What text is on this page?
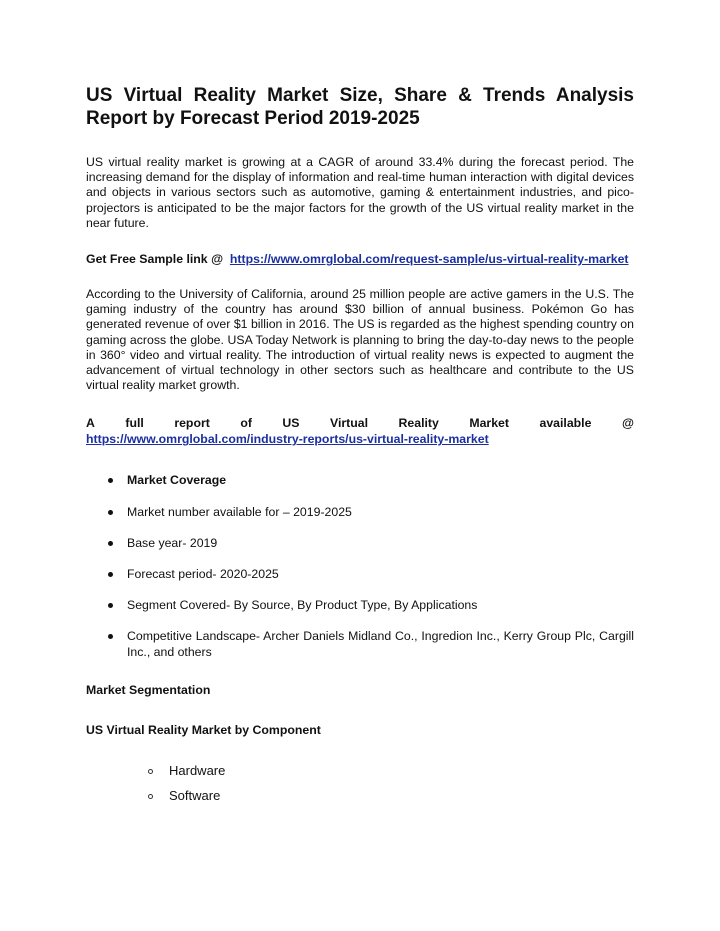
US Virtual Reality Market Size, Share & Trends Analysis Report by Forecast Period 2019-2025

US virtual reality market is growing at a CAGR of around 33.4% during the forecast period. The increasing demand for the display of information and real-time human interaction with digital devices and objects in various sectors such as automotive, gaming & entertainment industries, and pico-projectors is anticipated to be the major factors for the growth of the US virtual reality market in the near future.

Get Free Sample link @ https://www.omrglobal.com/request-sample/us-virtual-reality-market

According to the University of California, around 25 million people are active gamers in the U.S. The gaming industry of the country has around $30 billion of annual business. Pokémon Go has generated revenue of over $1 billion in 2016. The US is regarded as the highest spending country on gaming across the globe. USA Today Network is planning to bring the day-to-day news to the people in 360° video and virtual reality. The introduction of virtual reality news is expected to augment the advancement of virtual technology in other sectors such as healthcare and contribute to the US virtual reality market growth.

A full report of US Virtual Reality Market available @

https://www.omrglobal.com/industry-reports/us-virtual-reality-market

Market Coverage
Market number available for – 2019-2025
Base year- 2019
Forecast period- 2020-2025
Segment Covered- By Source, By Product Type, By Applications
Competitive Landscape- Archer Daniels Midland Co., Ingredion Inc., Kerry Group Plc, Cargill Inc., and others

Market Segmentation

US Virtual Reality Market by Component

Hardware
Software
